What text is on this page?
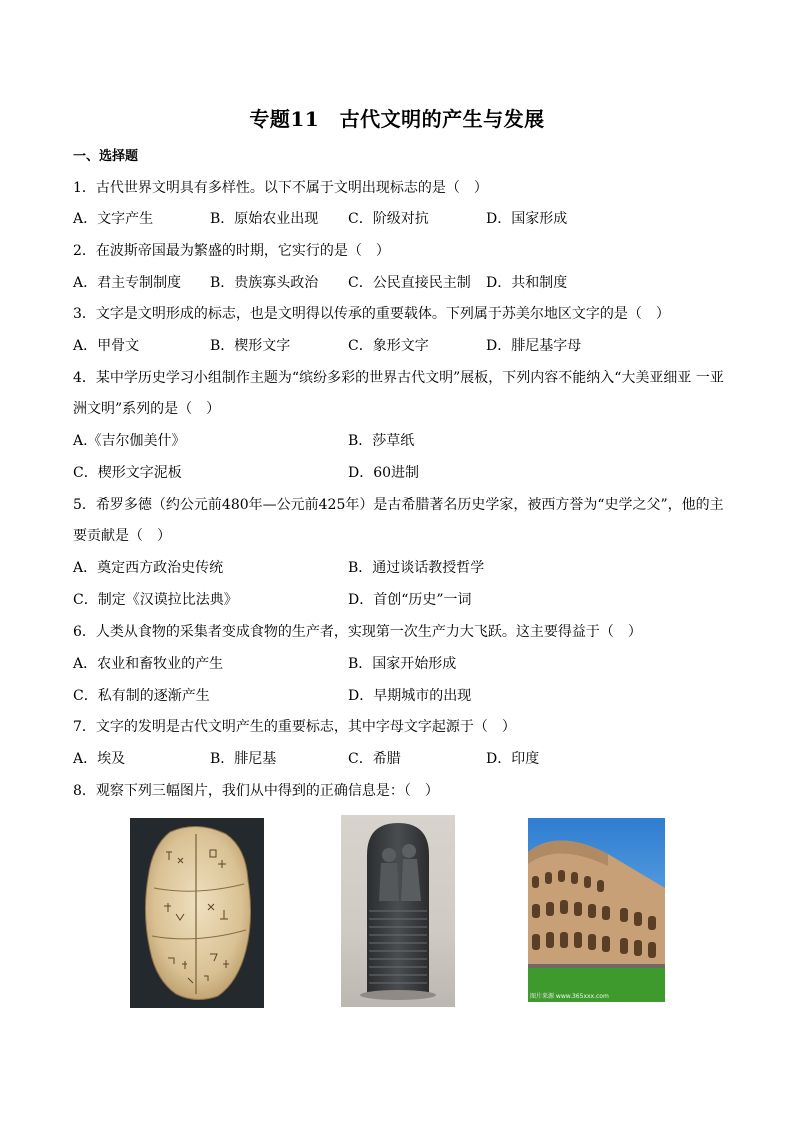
专题11　古代文明的产生与发展
一、选择题
1．古代世界文明具有多样性。以下不属于文明出现标志的是（　）
A．文字产生	B．原始农业出现 C．阶级对抗	D．国家形成
2．在波斯帝国最为繁盛的时期，它实行的是（　）
A．君主专制制度 B．贵族寡头政治 C．公民直接民主制 D．共和制度
3．文字是文明形成的标志，也是文明得以传承的重要载体。下列属于苏美尔地区文字的是（　）
A．甲骨文	B．楔形文字	C．象形文字	D．腓尼基字母
4．某中学历史学习小组制作主题为“缤纷多彩的世界古代文明”展板，下列内容不能纳入“大美亚细亚 一亚
洲文明”系列的是（　）
A.《吉尔伽美什》	B．莎草纸
C．楔形文字泥板	D．60进制
5．希罗多德（约公元前480年—公元前425年）是古希腊著名历史学家，被西方誉为“史学之父”，他的主
要贡献是（　）
A．奠定西方政治史传统	B．通过谈话教授哲学
C．制定《汉谟拉比法典》	D．首创“历史”一词
6．人类从食物的采集者变成食物的生产者，实现第一次生产力大飞跃。这主要得益于（　）
A．农业和畜牧业的产生	B．国家开始形成
C．私有制的逐渐产生	D．早期城市的出现
7．文字的发明是古代文明产生的重要标志，其中字母文字起源于（　）
A．埃及	B．腓尼基	C．希腊	D．印度
8．观察下列三幅图片，我们从中得到的正确信息是：（　）
图片来源 www.365xxx.com
